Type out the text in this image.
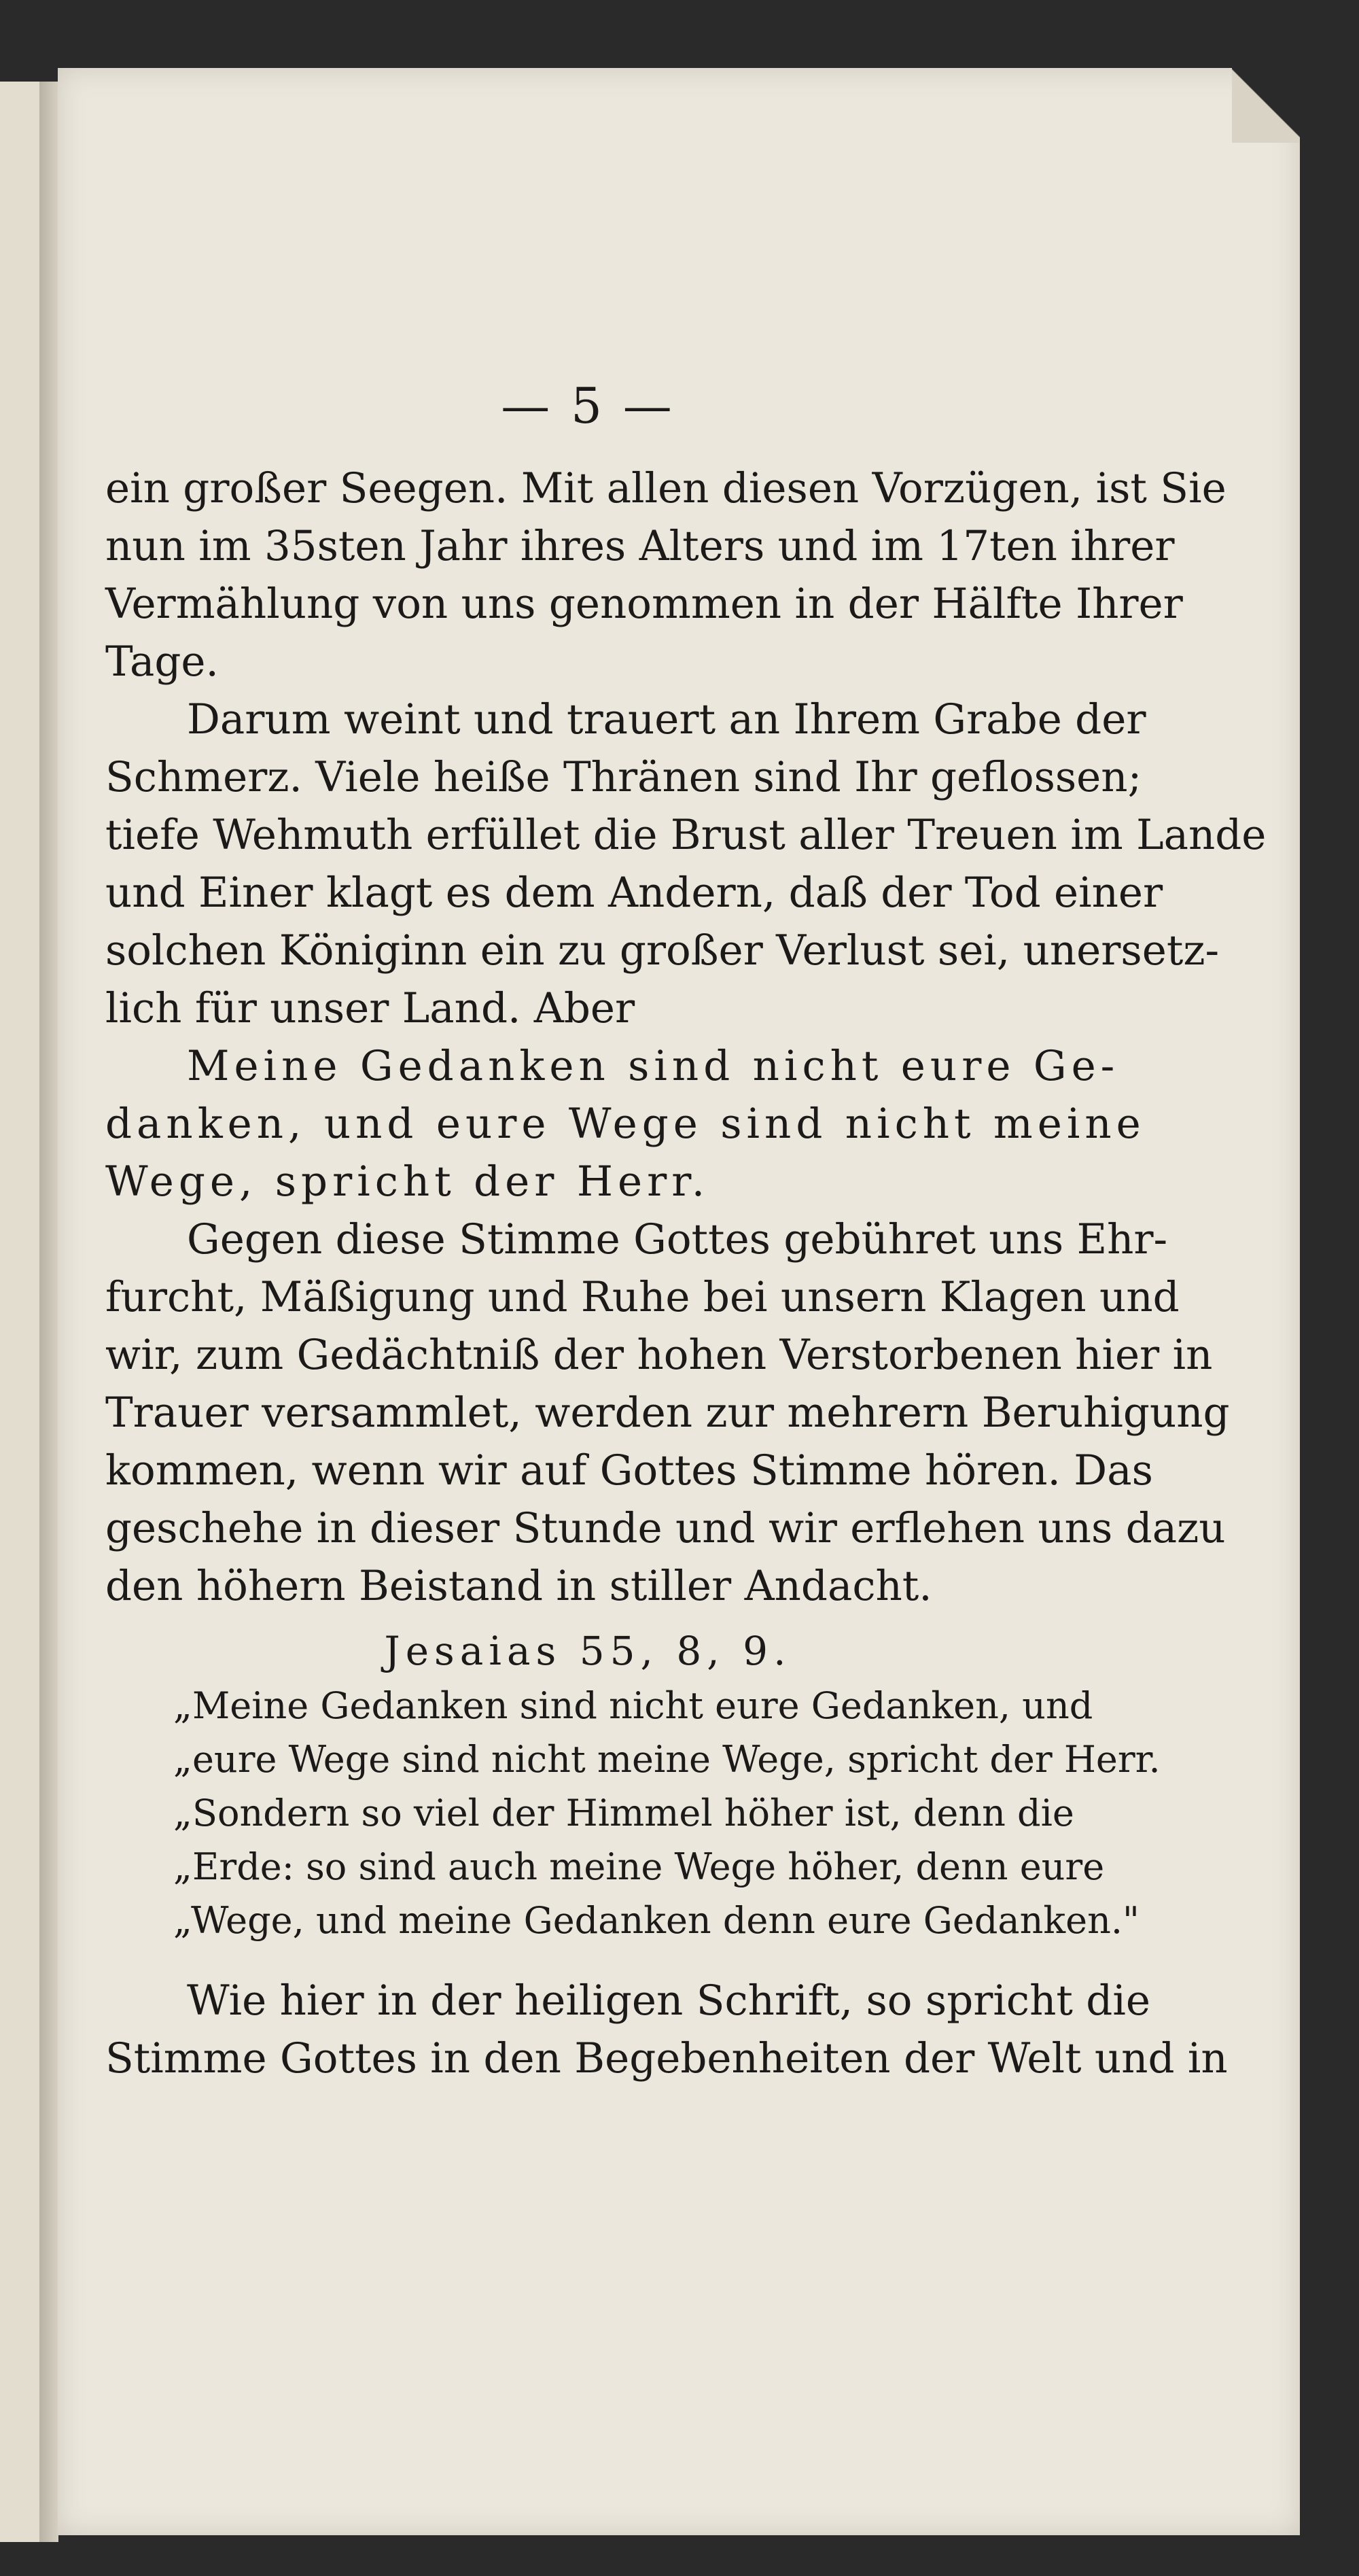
— 5 —
ein großer Seegen. Mit allen diesen Vorzügen, ist Sie
nun im 35sten Jahr ihres Alters und im 17ten ihrer
Vermählung von uns genommen in der Hälfte Ihrer
Tage.
Darum weint und trauert an Ihrem Grabe der
Schmerz. Viele heiße Thränen sind Ihr geflossen;
tiefe Wehmuth erfüllet die Brust aller Treuen im Lande
und Einer klagt es dem Andern, daß der Tod einer
solchen Königinn ein zu großer Verlust sei, unersetz-
lich für unser Land. Aber
Meine Gedanken sind nicht eure Ge-
danken, und eure Wege sind nicht meine
Wege, spricht der Herr.
Gegen diese Stimme Gottes gebühret uns Ehr-
furcht, Mäßigung und Ruhe bei unsern Klagen und
wir, zum Gedächtniß der hohen Verstorbenen hier in
Trauer versammlet, werden zur mehrern Beruhigung
kommen, wenn wir auf Gottes Stimme hören. Das
geschehe in dieser Stunde und wir erflehen uns dazu
den höhern Beistand in stiller Andacht.
Jesaias 55, 8, 9.
„Meine Gedanken sind nicht eure Gedanken, und
„eure Wege sind nicht meine Wege, spricht der Herr.
„Sondern so viel der Himmel höher ist, denn die
„Erde: so sind auch meine Wege höher, denn eure
„Wege, und meine Gedanken denn eure Gedanken."
Wie hier in der heiligen Schrift, so spricht die
Stimme Gottes in den Begebenheiten der Welt und in
